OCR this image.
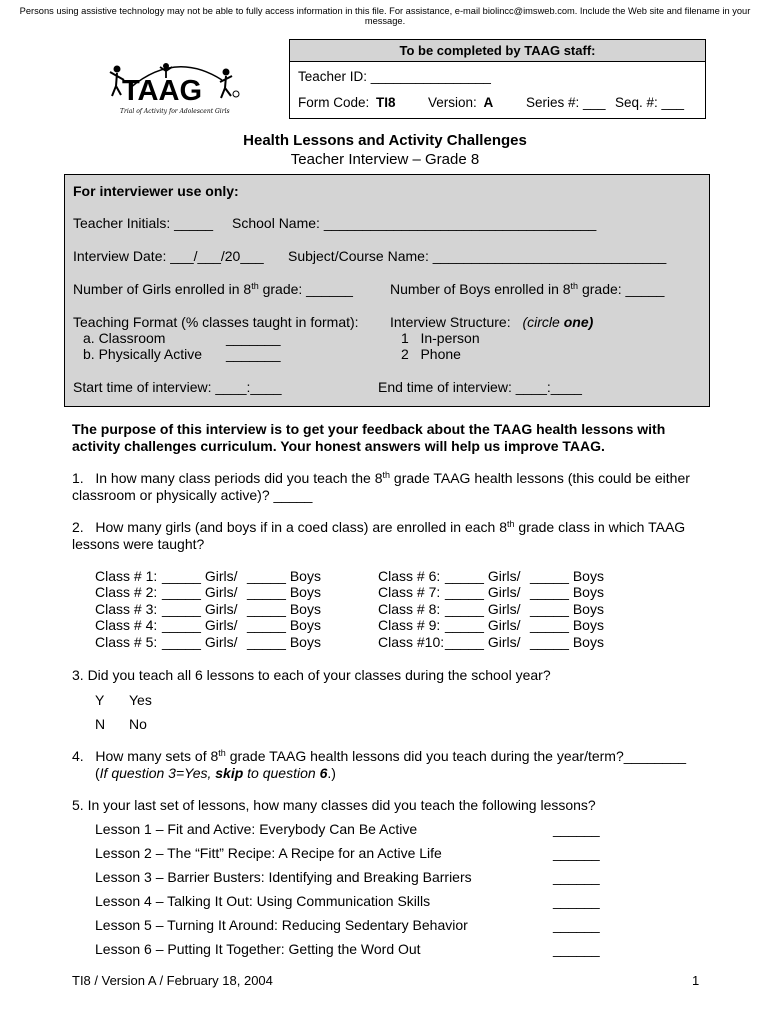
Persons using assistive technology may not be able to fully access information in this file. For assistance, e-mail biolincc@imsweb.com. Include the Web site and filename in your message.
TAAG
Trial of Activity for Adolescent Girls
To be completed by TAAG staff:
Teacher ID: ________________
Form Code: TI8 Version: A Series #: ___ Seq. #: ___
Health Lessons and Activity Challenges
Teacher Interview – Grade 8
For interviewer use only:
Teacher Initials: _____ School Name: ___________________________________
Interview Date: ___/___/20___ Subject/Course Name: ______________________________
Number of Girls enrolled in 8th grade: ______	Number of Boys enrolled in 8th grade: _____
Teaching Format (% classes taught in format):
a. Classroom	_______
b. Physically Active _______
Interview Structure: (circle one)
1   In-person
2   Phone
Start time of interview: ____:____	End time of interview: ____:____
The purpose of this interview is to get your feedback about the TAAG health lessons with activity challenges curriculum. Your honest answers will help us improve TAAG.
1.   In how many class periods did you teach the 8th grade TAAG health lessons (this could be either
classroom or physically active)? _____
2.   How many girls (and boys if in a coed class) are enrolled in each 8th grade class in which TAAG
lessons were taught?
Class # 1: _____ Girls/ _____ Boys
Class # 2: _____ Girls/ _____ Boys
Class # 3: _____ Girls/ _____ Boys
Class # 4: _____ Girls/ _____ Boys
Class # 5: _____ Girls/ _____ Boys
Class # 6: _____ Girls/ _____ Boys
Class # 7: _____ Girls/ _____ Boys
Class # 8: _____ Girls/ _____ Boys
Class # 9: _____ Girls/ _____ Boys
Class #10: _____ Girls/ _____ Boys
3. Did you teach all 6 lessons to each of your classes during the school year?
Y Yes
N No
4.   How many sets of 8th grade TAAG health lessons did you teach during the year/term?________
(If question 3=Yes, skip to question 6.)
5. In your last set of lessons, how many classes did you teach the following lessons?
Lesson 1 – Fit and Active: Everybody Can Be Active	______
Lesson 2 – The “Fitt” Recipe: A Recipe for an Active Life	______
Lesson 3 – Barrier Busters: Identifying and Breaking Barriers	______
Lesson 4 – Talking It Out: Using Communication Skills	______
Lesson 5 – Turning It Around: Reducing Sedentary Behavior	______
Lesson 6 – Putting It Together: Getting the Word Out	______
TI8 / Version A / February 18, 2004	1
